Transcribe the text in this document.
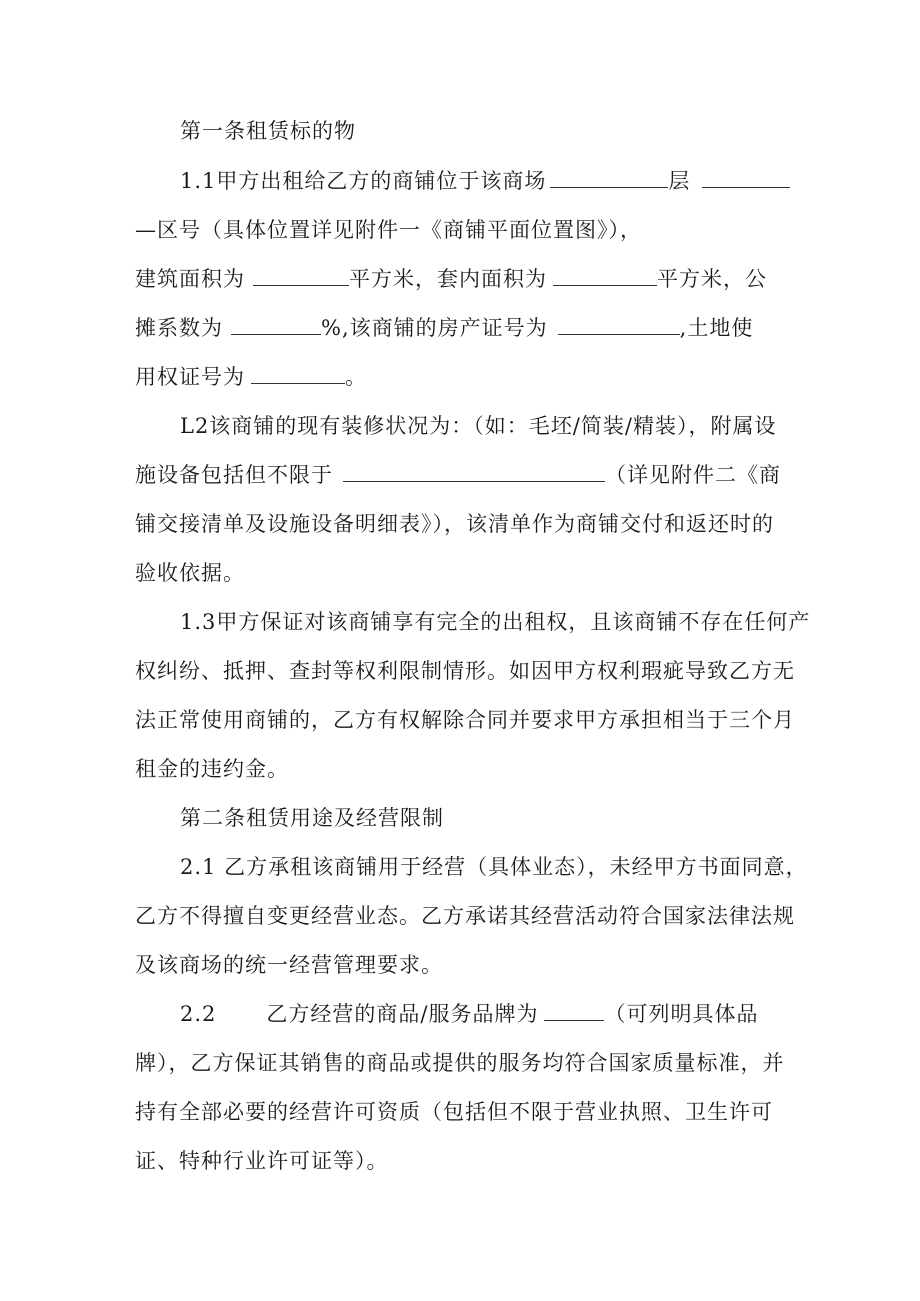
第一条租赁标的物
1.1甲方出租给乙方的商铺位于该商场	层
—区号（具体位置详见附件一《商铺平面位置图》），
建筑面积为	平方米，套内面积为	平方米，公
摊系数为	%,该商铺的房产证号为	,土地使
用权证号为	。
L2该商铺的现有装修状况为：（如：毛坯/简装/精装），附属设
施设备包括但不限于	（详见附件二《商
铺交接清单及设施设备明细表》），该清单作为商铺交付和返还时的
验收依据。
1.3甲方保证对该商铺享有完全的出租权，且该商铺不存在任何产
权纠纷、抵押、查封等权利限制情形。如因甲方权利瑕疵导致乙方无
法正常使用商铺的，乙方有权解除合同并要求甲方承担相当于三个月
租金的违约金。
第二条租赁用途及经营限制
2.1 乙方承租该商铺用于经营（具体业态），未经甲方书面同意，
乙方不得擅自变更经营业态。乙方承诺其经营活动符合国家法律法规
及该商场的统一经营管理要求。
2.2 乙方经营的商品/服务品牌为	（可列明具体品
牌），乙方保证其销售的商品或提供的服务均符合国家质量标准，并
持有全部必要的经营许可资质（包括但不限于营业执照、卫生许可
证、特种行业许可证等）。
